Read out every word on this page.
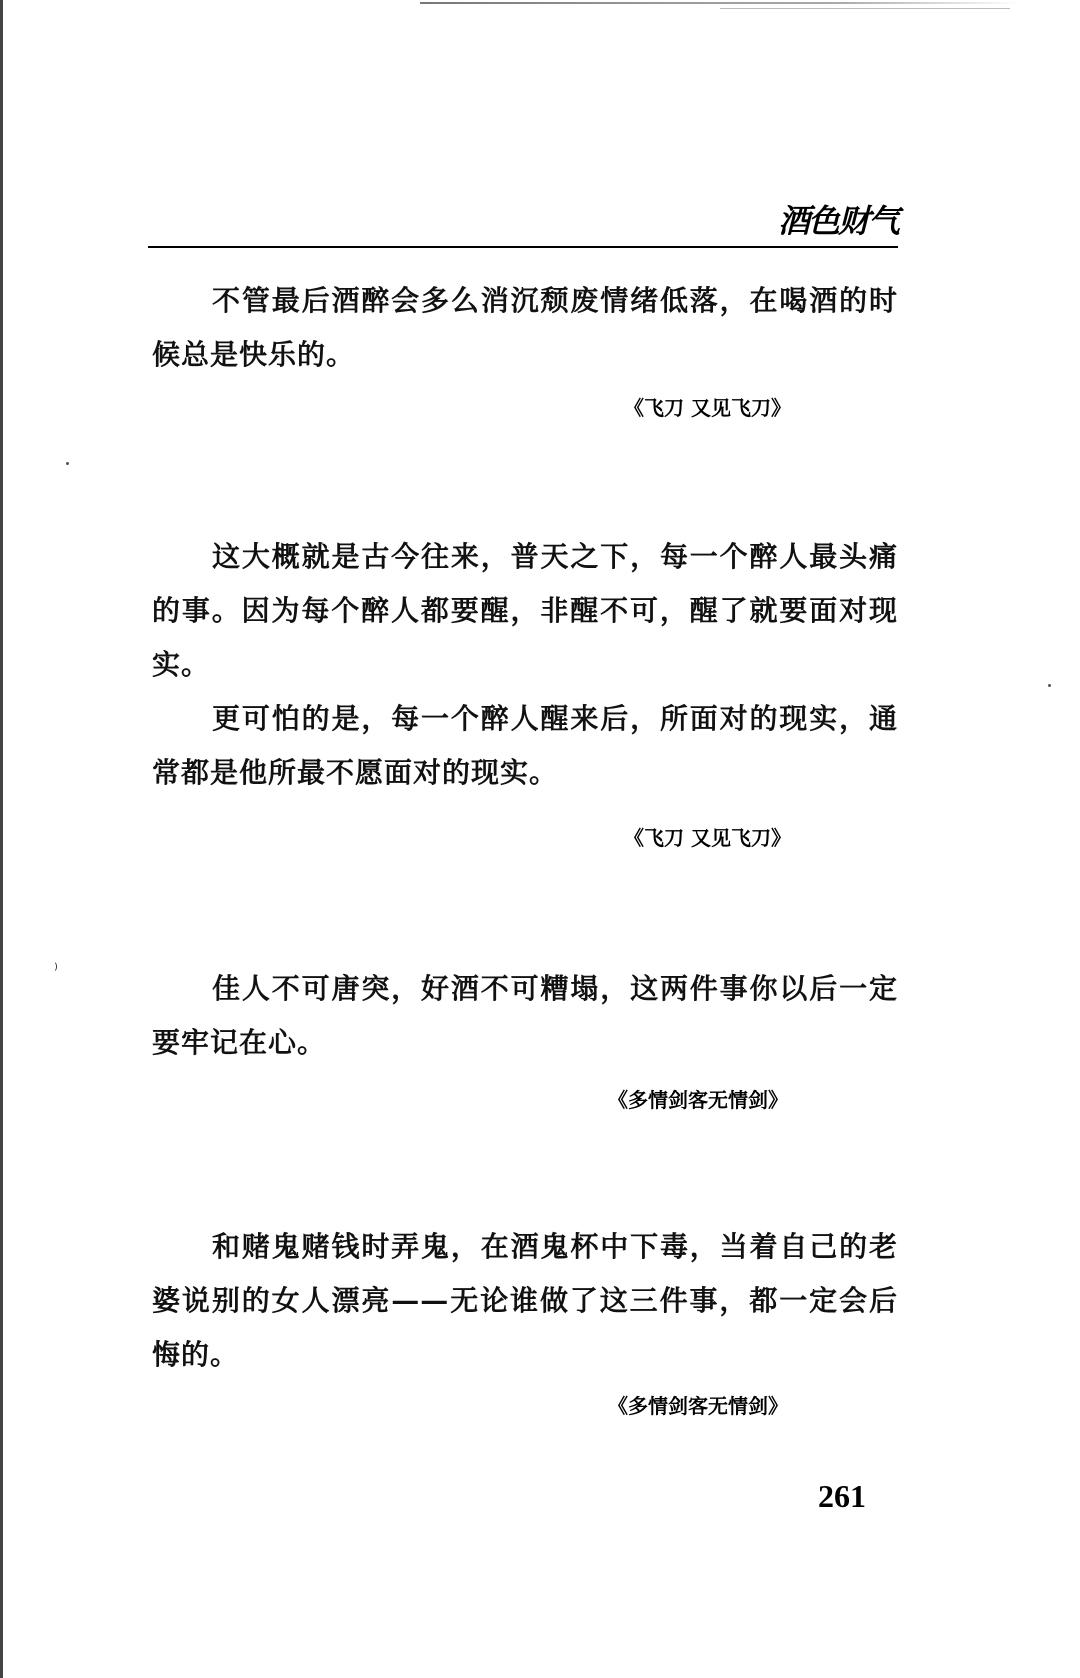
⁾
酒色财气

不管最后酒醉会多么消沉颓废情绪低落，在喝酒的时候总是快乐的。

《飞刀 又见飞刀》

这大概就是古今往来，普天之下，每一个醉人最头痛的事。因为每个醉人都要醒，非醒不可，醒了就要面对现实。

更可怕的是，每一个醉人醒来后，所面对的现实，通常都是他所最不愿面对的现实。

《飞刀 又见飞刀》

佳人不可唐突，好酒不可糟塌，这两件事你以后一定要牢记在心。

《多情剑客无情剑》

和赌鬼赌钱时弄鬼，在酒鬼杯中下毒，当着自己的老婆说别的女人漂亮——无论谁做了这三件事，都一定会后悔的。

《多情剑客无情剑》
261
